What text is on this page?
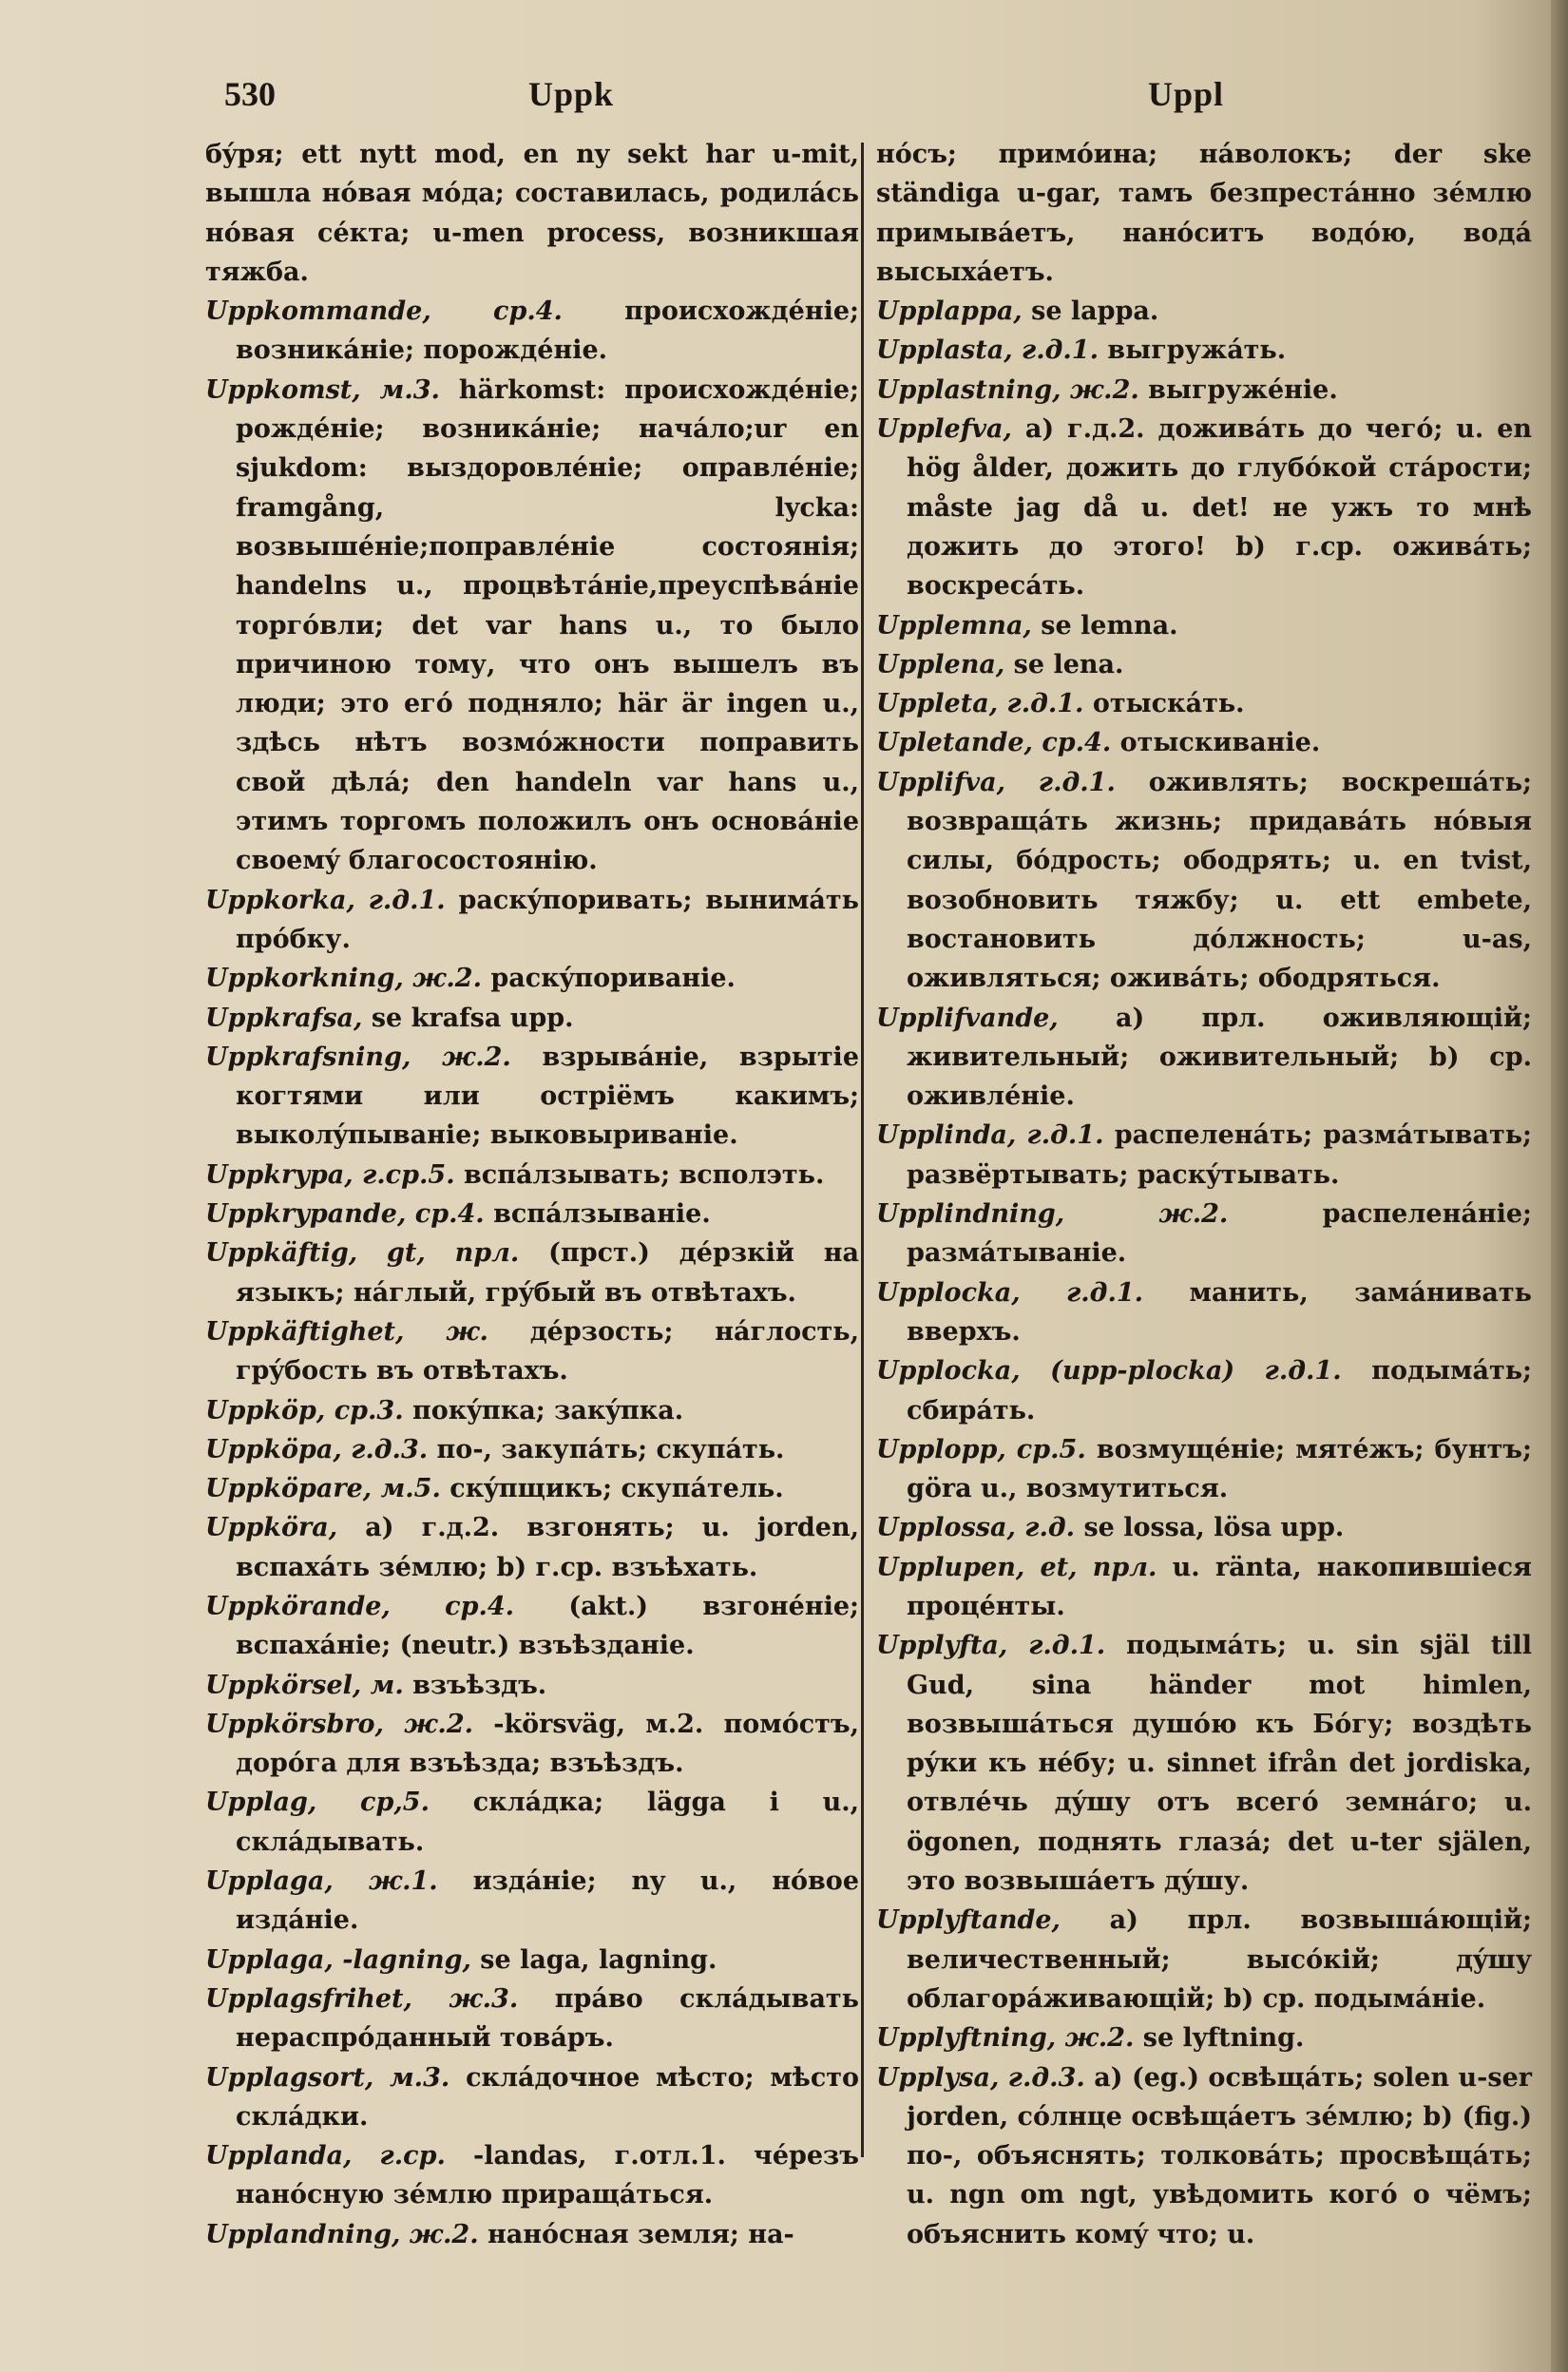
530	Uppk	Uppl
бýря; ett nytt mod, en ny sekt har u-mit, вышла нóвая мóда; составилась, родилáсь нóвая сéкта; u-men process, возникшая тяжба.
Uppkommande, ср.4. происхождéніе; возникáніе; порождéніе.
Uppkomst, м.3. härkomst: происхождéніе; рождéніе; возникáніе; начáло;ur en sjukdom: выздоровлéніе; оправлéніе; framgång, lycka: возвышéніе;поправлéніе состоянія; handelns u., процвѣтáніе,преуспѣвáніе торгóвли; det var hans u., то было причинoю тому, что онъ вышелъ въ люди; это егó подняло; här är ingen u., здѣсь нѣтъ возмóжности поправить свой дѣлá; den handeln var hans u., этимъ торгомъ положилъ онъ основáніе своемý благосостоянію.
Uppkorka, г.д.1. раскýпоривать; вынимáть прóбку.
Uppkorkning, ж.2. раскýпориваніе.
Uppkrafsa, se krafsa upp.
Uppkrafsning, ж.2. взрывáніе, взрытіе когтями или остріёмъ какимъ; выколýпываніе; выковыриваніе.
Uppkrypa, г.ср.5. вспáлзывать; всполэть.
Uppkrypande, ср.4. вспáлзываніе.
Uppkäftig, gt, прл. (прст.) дéрзкій на языкъ; нáглый, грýбый въ отвѣтахъ.
Uppkäftighet, ж. дéрзость; нáглость, грýбость въ отвѣтахъ.
Uppköp, ср.3. покýпка; закýпка.
Uppköpa, г.д.3. по-, закупáть; скупáть.
Uppköpare, м.5. скýпщикъ; скупáтель.
Uppköra, a) г.д.2. взгонять; u. jorden, вспахáть зéмлю; b) г.ср. взъѣхать.
Uppkörande, ср.4. (akt.) взгонéніе; вспахáніе; (neutr.) взъѣзданіе.
Uppkörsel, м. взъѣздъ.
Uppkörsbro, ж.2. -körsväg, м.2. помóстъ, дорóга для взъѣзда; взъѣздъ.
Upplag, ср,5. склáдка; lägga i u., склáдывать.
Upplaga, ж.1. издáніе; ny u., нóвое издáніе.
Upplaga, -lagning, se laga, lagning.
Upplagsfrihet, ж.3. прáво склáдывать нераспрóданный товáръ.
Upplagsort, м.3. склáдочное мѣсто; мѣсто склáдки.
Upplanda, г.ср. -landas, г.отл.1. чéрезъ нанóсную зéмлю приращáться.
Upplandning, ж.2. нанóсная земля; на-
нóсъ; примóина; нáволокъ; der ske ständiga u-gar, тамъ безпрестáнно зéмлю примывáетъ, нанóситъ водóю, водá высыхáетъ.
Upplappa, se lappa.
Upplasta, г.д.1. выгружáть.
Upplastning, ж.2. выгружéніе.
Upplefva, a) г.д.2. доживáть до чегó; u. en hög ålder, дожить до глубóкой стáрости; måste jag då u. det! не ужъ то мнѣ дожить до этого! b) г.ср. оживáть; воскресáть.
Upplemna, se lemna.
Upplena, se lena.
Uppleta, г.д.1. отыскáть.
Upletande, ср.4. отыскиваніе.
Upplifva, г.д.1. оживлять; воскрешáть; возвращáть жизнь; придавáть нóвыя силы, бóдрость; ободрять; u. en tvist, возобновить тяжбу; u. ett embete, востановить дóлжность; u-as, оживляться; оживáть; ободряться.
Upplifvande, a) прл. оживляющій; живительный; оживительный; b) ср. оживлéніе.
Upplinda, г.д.1. распеленáть; размáтывать; развёртывать; раскýтывать.
Upplindning, ж.2.	распеленáніе; размáтываніе.
Upplocka, г.д.1. манить, замáнивать вверхъ.
Upplocka, (upp-plocka) г.д.1. подымáть; сбирáть.
Upplopp, ср.5. возмущéніе; мятéжъ; бунтъ; göra u., возмутиться.
Upplossa, г.д. se lossa, lösa upp.
Upplupen, et, прл. u. ränta, накопившіеся процéнты.
Upplyfta, г.д.1. подымáть; u. sin själ till Gud, sina händer mot himlen, возвышáться душóю къ Бóгу; воздѣть рýки къ нéбу; u. sinnet ifrån det jordiska, отвлéчь дýшу отъ всегó земнáго; u. ögonen, поднять глазá; det u-ter själen, это возвышáетъ дýшу.
Upplyftande, a) прл. возвышáющій; величественный; высóкій; дýшу облагорáживающій; b) ср. подымáніе.
Upplyftning, ж.2. se lyftning.
Upplysa, г.д.3. a) (eg.) освѣщáть; solen u-ser jorden, сóлнце освѣщáетъ зéмлю; b) (fig.) по-, объяснять; толковáть; просвѣщáть; u. ngn om ngt, увѣдомить когó о чёмъ; объяснить комý что; u.
